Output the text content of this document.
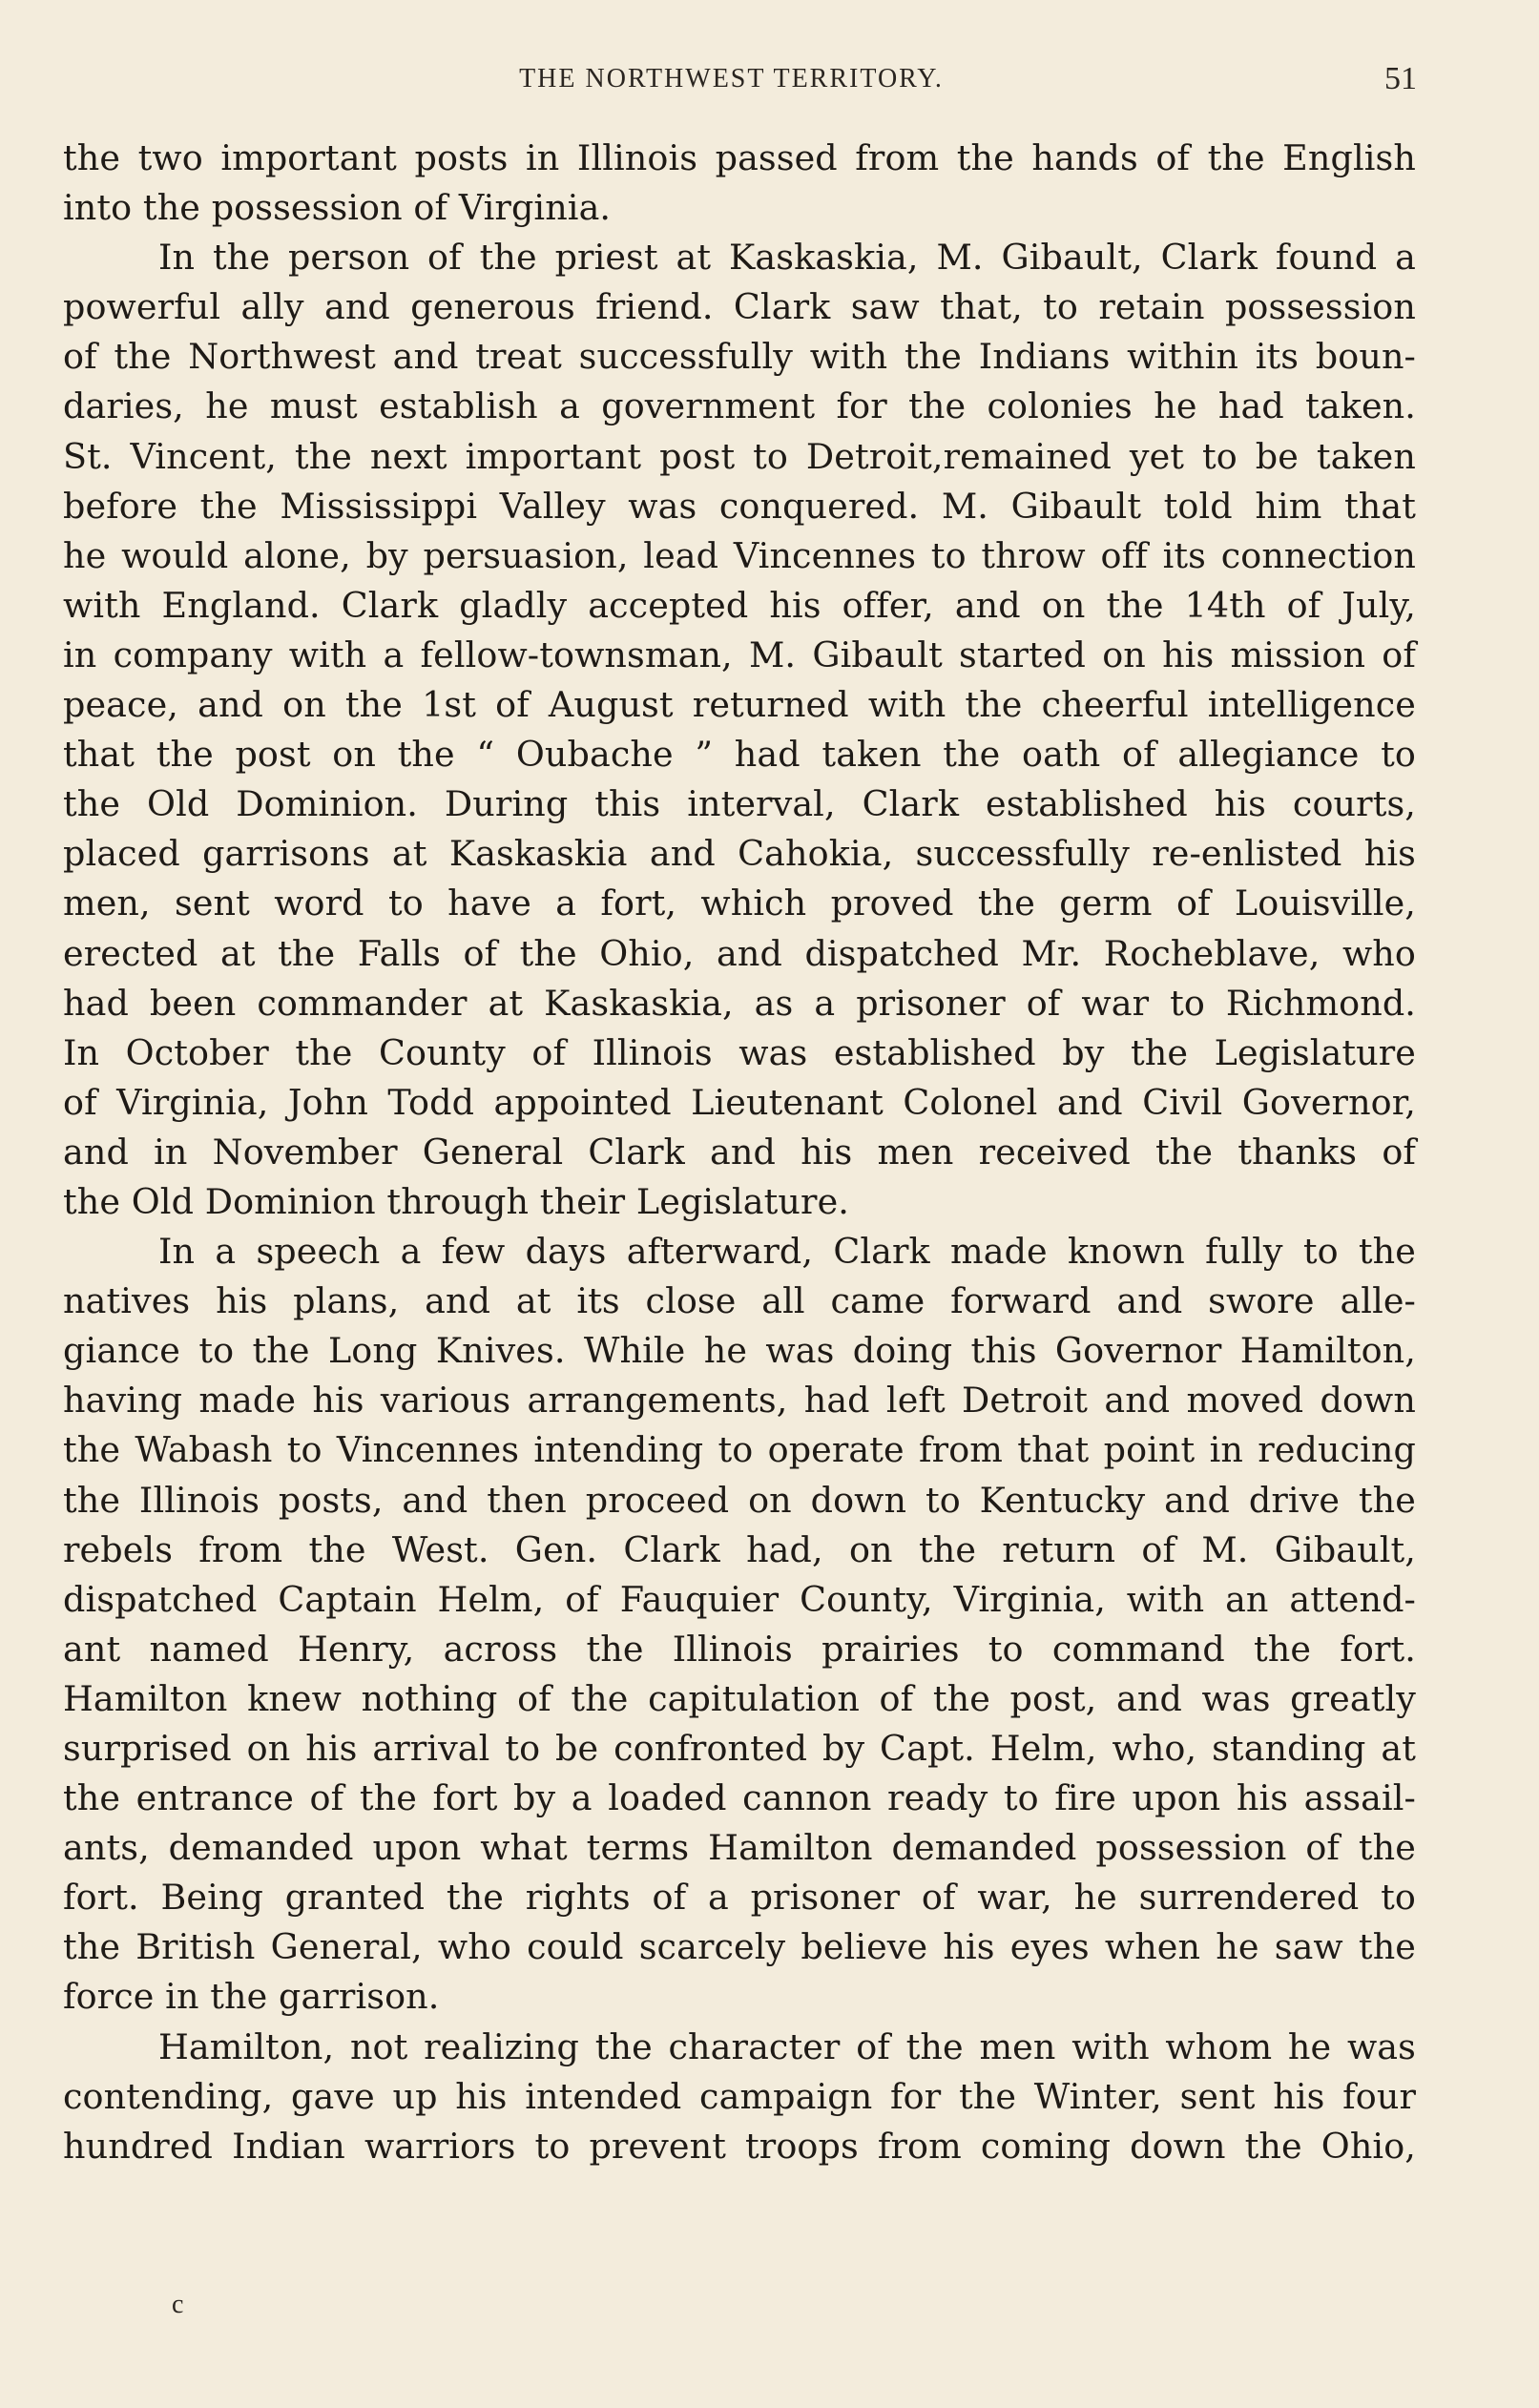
THE NORTHWEST TERRITORY.	51
the two important posts in Illinois passed from the hands of the English
into the possession of Virginia.
In the person of the priest at Kaskaskia, M. Gibault, Clark found a
powerful ally and generous friend. Clark saw that, to retain possession
of the Northwest and treat successfully with the Indians within its boun-
daries, he must establish a government for the colonies he had taken.
St. Vincent, the next important post to Detroit,remained yet to be taken
before the Mississippi Valley was conquered. M. Gibault told him that
he would alone, by persuasion, lead Vincennes to throw off its connection
with England. Clark gladly accepted his offer, and on the 14th of July,
in company with a fellow-townsman, M. Gibault started on his mission of
peace, and on the 1st of August returned with the cheerful intelligence
that the post on the “ Oubache ” had taken the oath of allegiance to
the Old Dominion. During this interval, Clark established his courts,
placed garrisons at Kaskaskia and Cahokia, successfully re-enlisted his
men, sent word to have a fort, which proved the germ of Louisville,
erected at the Falls of the Ohio, and dispatched Mr. Rocheblave, who
had been commander at Kaskaskia, as a prisoner of war to Richmond.
In October the County of Illinois was established by the Legislature
of Virginia, John Todd appointed Lieutenant Colonel and Civil Governor,
and in November General Clark and his men received the thanks of
the Old Dominion through their Legislature.
In a speech a few days afterward, Clark made known fully to the
natives his plans, and at its close all came forward and swore alle-
giance to the Long Knives. While he was doing this Governor Hamilton,
having made his various arrangements, had left Detroit and moved down
the Wabash to Vincennes intending to operate from that point in reducing
the Illinois posts, and then proceed on down to Kentucky and drive the
rebels from the West. Gen. Clark had, on the return of M. Gibault,
dispatched Captain Helm, of Fauquier County, Virginia, with an attend-
ant named Henry, across the Illinois prairies to command the fort.
Hamilton knew nothing of the capitulation of the post, and was greatly
surprised on his arrival to be confronted by Capt. Helm, who, standing at
the entrance of the fort by a loaded cannon ready to fire upon his assail-
ants, demanded upon what terms Hamilton demanded possession of the
fort. Being granted the rights of a prisoner of war, he surrendered to
the British General, who could scarcely believe his eyes when he saw the
force in the garrison.
Hamilton, not realizing the character of the men with whom he was
contending, gave up his intended campaign for the Winter, sent his four
hundred Indian warriors to prevent troops from coming down the Ohio,
c
